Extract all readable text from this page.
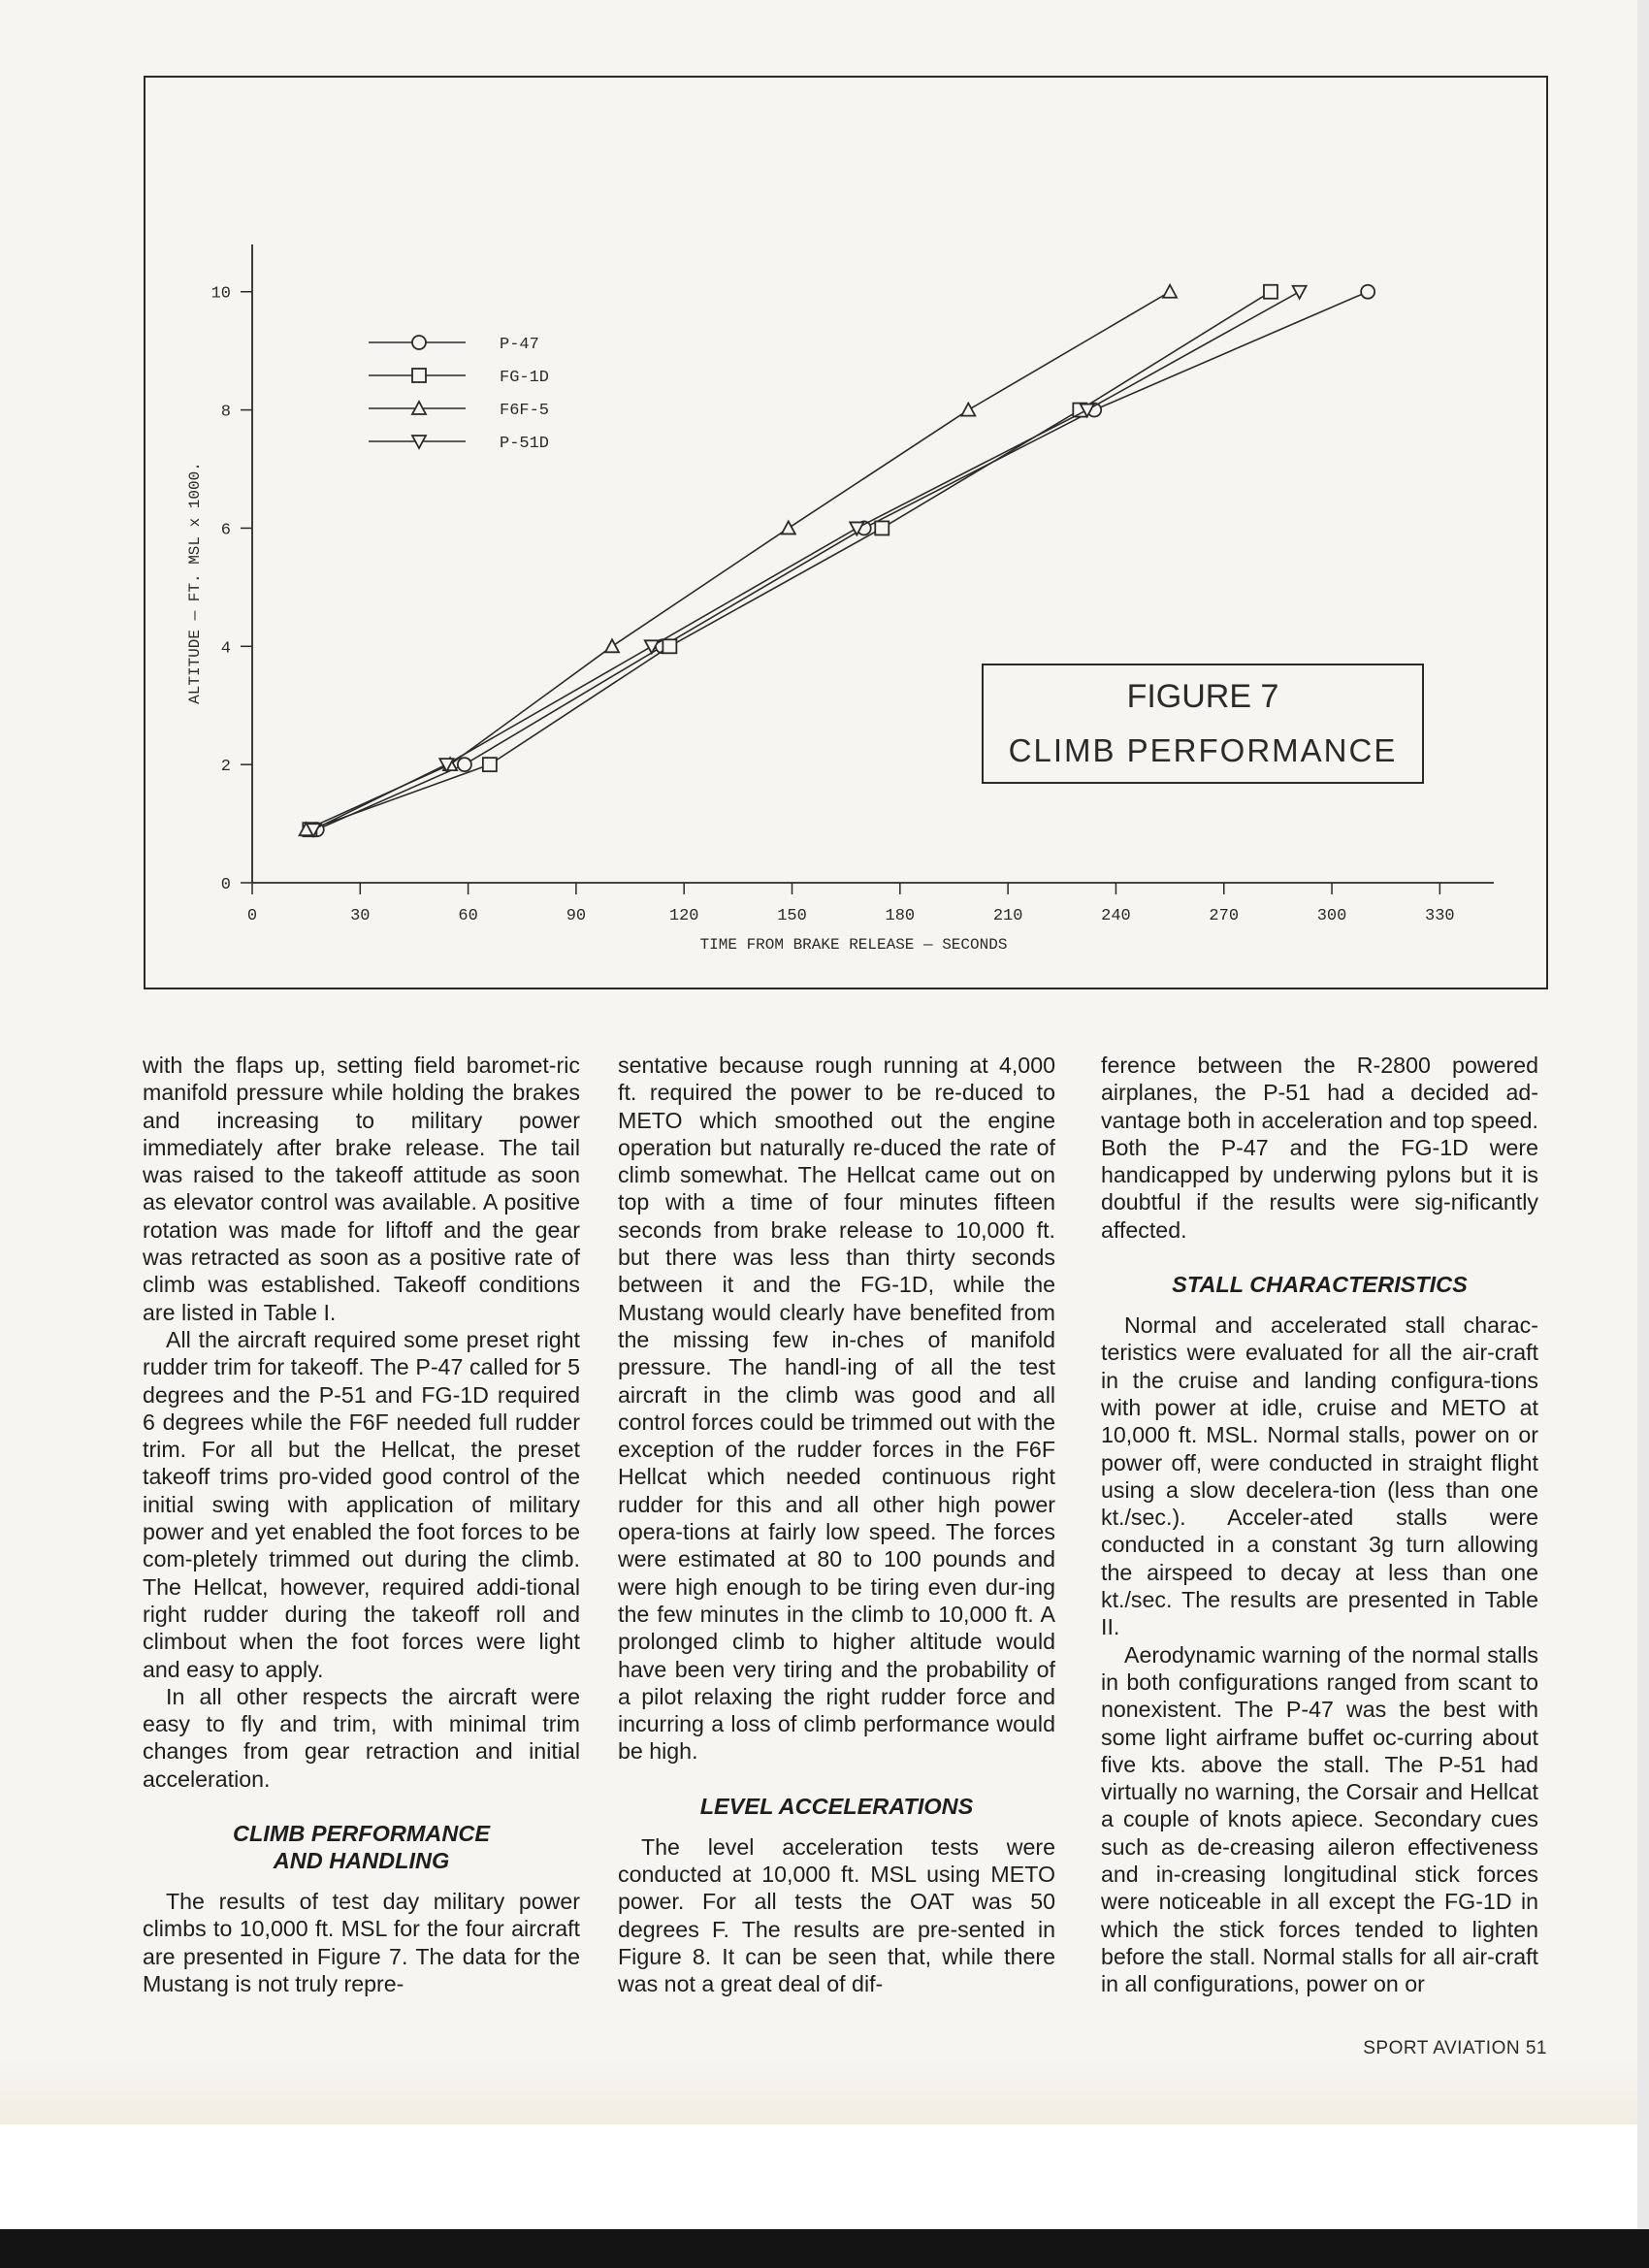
0	30	60	90	120	150	180	210	240	270	300	330
0
2
4
6
8
10
TIME FROM BRAKE RELEASE — SECONDS
ALTITUDE — FT. MSL x 1000.
P-47
FG-1D
F6F-5
P-51D
FIGURE 7
CLIMB PERFORMANCE

with the flaps up, setting field baromet-ric manifold pressure while holding the brakes and increasing to military power immediately after brake release. The tail was raised to the takeoff attitude as soon as elevator control was available. A positive rotation was made for liftoff and the gear was retracted as soon as a positive rate of climb was established. Takeoff conditions are listed in Table I.

All the aircraft required some preset right rudder trim for takeoff. The P-47 called for 5 degrees and the P-51 and FG-1D required 6 degrees while the F6F needed full rudder trim. For all but the Hellcat, the preset takeoff trims pro-vided good control of the initial swing with application of military power and yet enabled the foot forces to be com-pletely trimmed out during the climb. The Hellcat, however, required addi-tional right rudder during the takeoff roll and climbout when the foot forces were light and easy to apply.

In all other respects the aircraft were easy to fly and trim, with minimal trim changes from gear retraction and initial acceleration.

CLIMB PERFORMANCE
AND HANDLING

The results of test day military power climbs to 10,000 ft. MSL for the four aircraft are presented in Figure 7. The data for the Mustang is not truly repre-

sentative because rough running at 4,000 ft. required the power to be re-duced to METO which smoothed out the engine operation but naturally re-duced the rate of climb somewhat. The Hellcat came out on top with a time of four minutes fifteen seconds from brake release to 10,000 ft. but there was less than thirty seconds between it and the FG-1D, while the Mustang would clearly have benefited from the missing few in-ches of manifold pressure. The handl-ing of all the test aircraft in the climb was good and all control forces could be trimmed out with the exception of the rudder forces in the F6F Hellcat which needed continuous right rudder for this and all other high power opera-tions at fairly low speed. The forces were estimated at 80 to 100 pounds and were high enough to be tiring even dur-ing the few minutes in the climb to 10,000 ft. A prolonged climb to higher altitude would have been very tiring and the probability of a pilot relaxing the right rudder force and incurring a loss of climb performance would be high.

LEVEL ACCELERATIONS

The level acceleration tests were conducted at 10,000 ft. MSL using METO power. For all tests the OAT was 50 degrees F. The results are pre-sented in Figure 8. It can be seen that, while there was not a great deal of dif-

ference between the R-2800 powered airplanes, the P-51 had a decided ad-vantage both in acceleration and top speed. Both the P-47 and the FG-1D were handicapped by underwing pylons but it is doubtful if the results were sig-nificantly affected.

STALL CHARACTERISTICS

Normal and accelerated stall charac-teristics were evaluated for all the air-craft in the cruise and landing configura-tions with power at idle, cruise and METO at 10,000 ft. MSL. Normal stalls, power on or power off, were conducted in straight flight using a slow decelera-tion (less than one kt./sec.). Acceler-ated stalls were conducted in a constant 3g turn allowing the airspeed to decay at less than one kt./sec. The results are presented in Table II.

Aerodynamic warning of the normal stalls in both configurations ranged from scant to nonexistent. The P-47 was the best with some light airframe buffet oc-curring about five kts. above the stall. The P-51 had virtually no warning, the Corsair and Hellcat a couple of knots apiece. Secondary cues such as de-creasing aileron effectiveness and in-creasing longitudinal stick forces were noticeable in all except the FG-1D in which the stick forces tended to lighten before the stall. Normal stalls for all air-craft in all configurations, power on or

SPORT AVIATION 51
